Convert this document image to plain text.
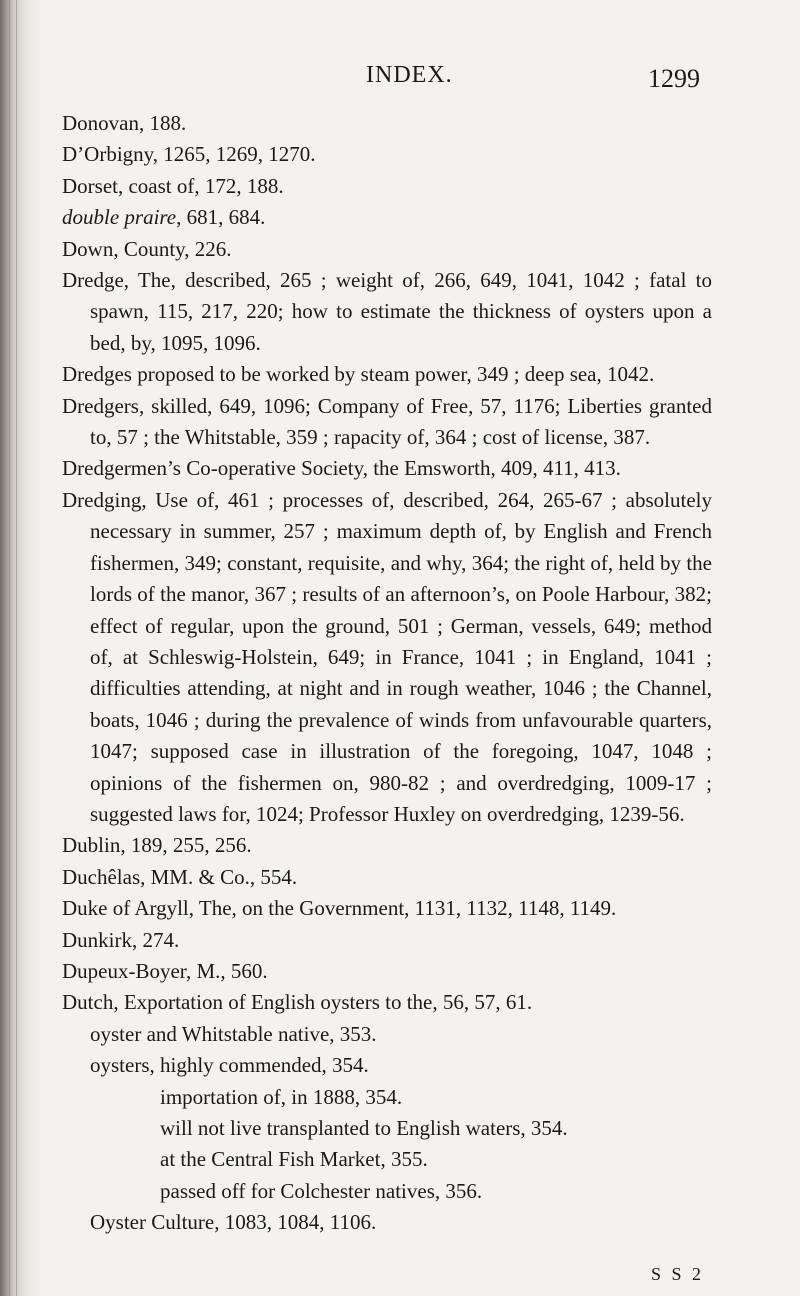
INDEX.	1299
Donovan, 188.
D’Orbigny, 1265, 1269, 1270.
Dorset, coast of, 172, 188.
double praire, 681, 684.
Down, County, 226.
Dredge, The, described, 265 ; weight of, 266, 649, 1041, 1042 ; fatal to spawn, 115, 217, 220; how to estimate the thickness of oysters upon a bed, by, 1095, 1096.
Dredges proposed to be worked by steam power, 349 ; deep sea, 1042.
Dredgers, skilled, 649, 1096; Company of Free, 57, 1176; Liberties granted to, 57 ; the Whitstable, 359 ; rapacity of, 364 ; cost of license, 387.
Dredgermen’s Co-operative Society, the Emsworth, 409, 411, 413.
Dredging, Use of, 461 ; processes of, described, 264, 265-67 ; absolutely necessary in summer, 257 ; maximum depth of, by English and French fishermen, 349; constant, requisite, and why, 364; the right of, held by the lords of the manor, 367 ; results of an afternoon’s, on Poole Harbour, 382; effect of regular, upon the ground, 501 ; German, vessels, 649; method of, at Schleswig-Holstein, 649; in France, 1041 ; in England, 1041 ; difficulties attending, at night and in rough weather, 1046 ; the Channel, boats, 1046 ; during the prevalence of winds from unfavourable quarters, 1047; supposed case in illustration of the foregoing, 1047, 1048 ; opinions of the fishermen on, 980-82 ; and overdredging, 1009-17 ; suggested laws for, 1024; Professor Huxley on overdredging, 1239-56.
Dublin, 189, 255, 256.
Duchêlas, MM. & Co., 554.
Duke of Argyll, The, on the Government, 1131, 1132, 1148, 1149.
Dunkirk, 274.
Dupeux-Boyer, M., 560.
Dutch, Exportation of English oysters to the, 56, 57, 61.
oyster and Whitstable native, 353.
oysters, highly commended, 354.
importation of, in 1888, 354.
will not live transplanted to English waters, 354.
at the Central Fish Market, 355.
passed off for Colchester natives, 356.
Oyster Culture, 1083, 1084, 1106.
S S 2
